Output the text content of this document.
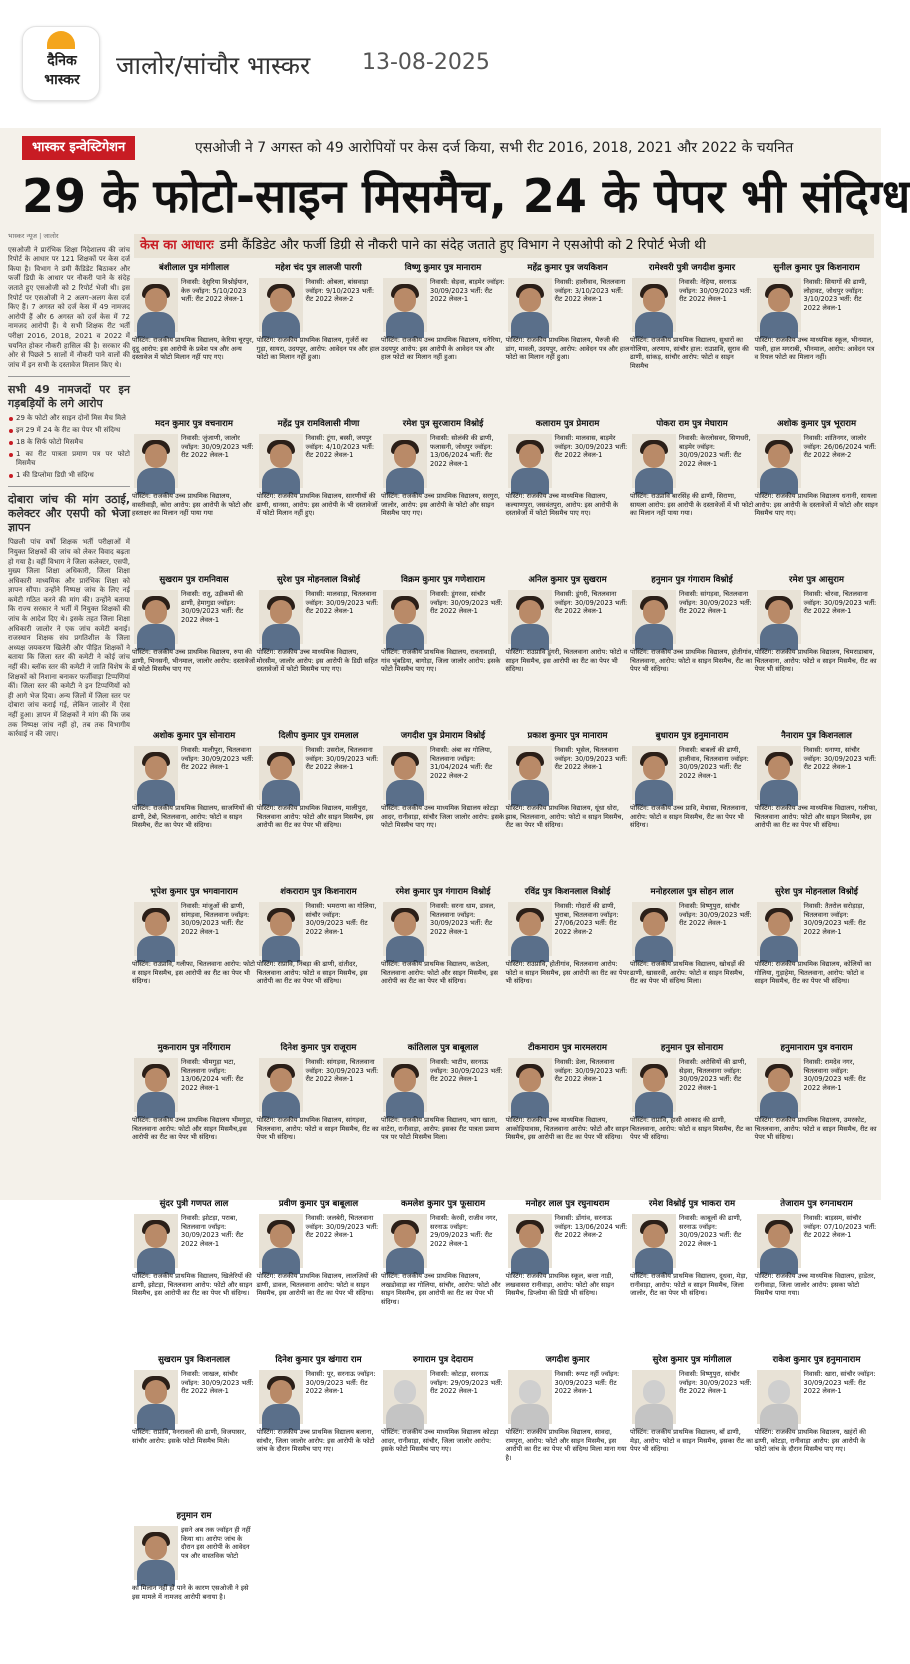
दैनिक
भास्कर	जालोर/सांचौर भास्कर 13-08-2025
भास्कर इन्वेस्टिगेशन	एसओजी ने 7 अगस्त को 49 आरोपियों पर केस दर्ज किया, सभी रीट 2016, 2018, 2021 और 2022 के चयनित
29 के फोटो-साइन मिसमैच, 24 के पेपर भी संदिग्ध
भास्कर न्यूज | जालोर
एसओजी ने प्रारंभिक शिक्षा निदेशालय की जांच रिपोर्ट के आधार पर 121 शिक्षकों पर केस दर्ज किया है। विभाग ने डमी कैंडिडेट बिठाकर और फर्जी डिग्री के आधार पर नौकरी पाने के संदेह जताते हुए एसओजी को 2 रिपोर्ट भेजी थी। इस रिपोर्ट पर एसओजी ने 2 अलग-अलग केस दर्ज किए हैं। 7 अगस्त को दर्ज केस में 49 नामजद आरोपी हैं और 6 अगस्त को दर्ज केस में 72 नामजद आरोपी हैं। ये सभी शिक्षक रीट भर्ती परीक्षा 2016, 2018, 2021 व 2022 में चयनित होकर नौकरी हासिल की है। सरकार की ओर से पिछले 5 सालों में नौकरी पाने वालों की जांच में इन सभी के दस्तावेज मिलान किए थे।
सभी 49 नामजदों पर इन गड़बड़ियों के लगे आरोप
29 के फोटो और साइन दोनों मिस मैच मिले
इन 29 में 24 के रीट का पेपर भी संदिग्ध
18 के सिर्फ फोटो मिसमैच
1 का रीट पात्रता प्रमाण पत्र पर फोटो मिसमैच
1 की डिप्लोमा डिग्री भी संदिग्ध
दोबारा जांच की मांग उठाई, कलेक्टर और एसपी को भेजा ज्ञापन
पिछली पांच वर्षों शिक्षक भर्ती परीक्षाओं में नियुक्त शिक्षकों की जांच को लेकर विवाद बढ़ता हो गया है। वहीं विभाग ने जिला कलेक्टर, एसपी, मुख्य जिला शिक्षा अधिकारी, जिला शिक्षा अधिकारी माध्यमिक और प्रारंभिक शिक्षा को ज्ञापन सौंपा। उन्होंने निष्पक्ष जांच के लिए नई कमेटी गठित करने की मांग की। उन्होंने बताया कि राज्य सरकार ने भर्ती में नियुक्त शिक्षकों की जांच के आदेश दिए थे। इसके तहत जिला शिक्षा अधिकारी जालोर ने एक जांच कमेटी बनाई। राजस्थान शिक्षक संघ प्रगतिशील के जिला अध्यक्ष जयकरण खिलेरी और पीड़ित शिक्षकों ने बताया कि जिला स्तर की कमेटी ने कोई जांच नहीं की। ब्लॉक स्तर की कमेटी ने जाति विशेष के शिक्षकों को निशाना बनाकर फर्जीवाड़ा टिप्पणियां कीं। जिला स्तर की कमेटी ने इन टिप्पणियों को ही आगे भेज दिया। अन्य जिलों में जिला स्तर पर दोबारा जांच कराई गई, लेकिन जालोर में ऐसा नहीं हुआ। ज्ञापन में शिक्षकों ने मांग की कि जब तक निष्पक्ष जांच नहीं हो, तब तक विभागीय कार्रवाई न की जाए।
केस का आधारः डमी कैंडिडेट और फर्जी डिग्री से नौकरी पाने का संदेह जताते हुए विभाग ने एसओपी को 2 रिपोर्ट भेजी थी
बंशीलाल पुत्र मांगीलाल
निवासी: देसुरिया विश्नोईयान, केरु ज्वॉइन: 5/10/2023 भर्ती: रीट 2022 लेवल-1
पोस्टिंग: राजकीय प्राथमिक विद्यालय, केरिया चूरपुर, दूदू आरोप: इस आरोपी के प्रवेश पत्र और अन्य दस्तावेज में फोटो मिलान नहीं पाए गए।
महेश चंद पुत्र लालजी पारगी
निवासी: ओबला, बांसवाड़ा ज्वॉइन: 9/10/2023 भर्ती: रीट 2022 लेवल-2
पोस्टिंग: राजकीय प्राथमिक विद्यालय, गुर्जरों का गुड़ा, सायरा, उदयपुर, आरोप: आवेदन पत्र और हाल फोटो का मिलान नहीं हुआ।
विष्णु कुमार पुत्र मानाराम
निवासी: सेड़वा, बाड़मेर ज्वॉइन: 30/09/2023 भर्ती: रीट 2022 लेवल-1
पोस्टिंग: राजकीय उच्च प्राथमिक विद्यालय, धनेरिया, उदयपुर आरोप: इस आरोपी के आवेदन पत्र और हाल फोटो का मिलान नहीं हुआ।
महेंद्र कुमार पुत्र जयकिशन
निवासी: हालीवाव, चितलवाना ज्वॉइन: 3/10/2023 भर्ती: रीट 2022 लेवल-1
पोस्टिंग: राजकीय प्राथमिक विद्यालय, भैरुजी की डांग, मावली, उदयपुर, आरोप: आवेदन पत्र और हाल फोटो का मिलान नहीं हुआ।
रामेश्वरी पुत्री जगदीश कुमार
निवासी: नेहिया, सरनाऊ ज्वॉइन: 30/09/2023 भर्ती: रीट 2022 लेवल-1
पोस्टिंग: राजकीय प्राथमिक विद्यालय, सुथारों का गोलिया, अरणाय, सांचौर हाल: राउप्रावि, सुराव की ढाणी, सांकड़, सांचौर आरोप: फोटो व साइन मिसमैच
सुनील कुमार पुत्र किशनाराम
निवासी: सियागों की ढाणी, लोहावट, जोधपुर ज्वॉइन: 3/10/2023 भर्ती: रीट 2022 लेवल-1
पोस्टिंग: राजकीय उच्च माध्यमिक स्कूल, भीनमाल, पाली, हाल मगराबी, भीनमाल, आरोप: आवेदन पत्र व रियल फोटो का मिलान नहीं।
मदन कुमार पुत्र वचनाराम
निवासी: जुंजाणी, जालोर ज्वॉइन: 30/09/2023 भर्ती: रीट 2022 लेवल-1
पोस्टिंग: राजकीय उच्च प्राथमिक विद्यालय, वास्तीवाड़ी, कोरा आरोप: इस आरोपी के फोटो और हस्ताक्षर का मिलान नहीं पाया गया
महेंद्र पुत्र रामविलासी मीणा
निवासी: टूंगा, बस्सी, जयपुर ज्वॉइन: 4/10/2023 भर्ती: रीट 2022 लेवल-1
पोस्टिंग: राजकीय प्राथमिक विद्यालय, सारणीयों की ढाणी, धानसा, आरोप: इस आरोपी के भी दस्तावेजों में फोटो मिलान नहीं हुए।
रमेश पुत्र सुरजाराम विश्नोई
निवासी: सोलंकी की ढाणी, फलासनी, जोधपुर ज्वॉइन: 13/06/2024 भर्ती: रीट 2022 लेवल-1
पोस्टिंग: राजकीय उच्च प्राथमिक विद्यालय, सरगुरा, जालोर, आरोप: इस आरोपी के फोटो और साइन मिसमैच पाए गए।
कलाराम पुत्र प्रेमाराम
निवासी: मालवास, बाड़मेर ज्वॉइन: 30/09/2023 भर्ती: रीट 2022 लेवल-1
पोस्टिंग: राजकीय उच्च माध्यमिक विद्यालय, कल्याणपुरा, जसवंतपुरा, आरोप: इस आरोपी के दस्तावेजों में फोटो मिसमैच पाए गए।
पोकरा राम पुत्र मेघाराम
निवासी: केरलोसवर, सिणधरी, बाड़मेर ज्वॉइन: 30/09/2023 भर्ती: रीट 2022 लेवल-1
पोस्टिंग: राउप्रावि बारसिंह की ढाणी, सिराणा, सायला आरोप: इस आरोपी के दस्तावेजों में भी फोटो का मिलान नहीं पाया गया।
अशोक कुमार पुत्र भूराराम
निवासी: शांतिनगर, जालोर ज्वॉइन: 26/06/2024 भर्ती: रीट 2022 लेवल-2
पोस्टिंग: राजकीय प्राथमिक विद्यालय धनानी, सायला आरोप: इस आरोपी के दस्तावेजों में फोटो और साइन मिसमैच पाए गए।
सुखराम पुत्र रामनिवास
निवासी: रातू, उड़ीकमों की ढाणी, हेमागुडा ज्वॉइन: 30/09/2023 भर्ती: रीट 2022 लेवल-1
पोस्टिंग: राजकीय उच्च प्राथमिक विद्यालय, रुपा की ढाणी, भिनसनी, भीनमाल, जालोर आरोप: दस्तावेजों में फोटो मिसमैच पाए गए
सुरेश पुत्र मोहनलाल विश्नोई
निवासी: मालवाड़ा, चितलवाना ज्वॉइन: 30/09/2023 भर्ती: रीट 2022 लेवल-1
पोस्टिंग: राजकीय उच्च माध्यमिक विद्यालय, मोरसीम, जालोर आरोप: इस आरोपी के डिग्री सहित दस्तावेजों में फोटो मिसमैच पाए गए।
विक्रम कुमार पुत्र गणेशाराम
निवासी: डूंगरवा, सांचौर ज्वॉइन: 30/09/2023 भर्ती: रीट 2022 लेवल-1
पोस्टिंग: राजकीय प्राथमिक विद्यालय, रावतावाड़ी, गांव भुंबडिया, बागोड़ा, जिला जालोर आरोप: इसके फोटो मिसमैच पाए गए।
अनिल कुमार पुत्र सुखराम
निवासी: डूंगरी, चितलवाना ज्वॉइन: 30/09/2023 भर्ती: रीट 2022 लेवल-1
पोस्टिंग: राउप्रावि डूंगरी, चितलवाना आरोप: फोटो व साइन मिसमैच, इस आरोपी का रीट का पेपर भी संदिग्ध।
हनुमान पुत्र गंगाराम विश्नोई
निवासी: सांगड़वा, चितलवाना ज्वॉइन: 30/09/2023 भर्ती: रीट 2022 लेवल-1
पोस्टिंग: राजकीय उच्च प्राथमिक विद्यालय, होतीगांव, चितलवाना, आरोप: फोटो व साइन मिसमैच, रीट का पेपर भी संदिग्ध।
रमेश पुत्र आसुराम
निवासी: चोरवा, चितलवाना ज्वॉइन: 30/09/2023 भर्ती: रीट 2022 लेवल-1
पोस्टिंग: राजकीय प्राथमिक विद्यालय, चिमराडाबाय, चितलवाना, आरोप: फोटो व साइन मिसमैच, रीट का पेपर भी संदिग्ध।
अशोक कुमार पुत्र सोनाराम
निवासी: मालीपुरा, चितलवाना ज्वॉइन: 30/09/2023 भर्ती: रीट 2022 लेवल-1
पोस्टिंग: राजकीय प्राथमिक विद्यालय, साजणियों की ढाणी, टेबो, चितलवाना, आरोप: फोटो व साइन मिसमैच, रीट का पेपर भी संदिग्ध।
दिलीप कुमार पुत्र रामलाल
निवासी: उसरोल, चितलवाना ज्वॉइन: 30/09/2023 भर्ती: रीट 2022 लेवल-1
पोस्टिंग: राजकीय प्राथमिक विद्यालय, मालीपुरा, चितलवाना आरोप: फोटो और साइन मिसमैच, इस आरोपी का रीट का पेपर भी संदिग्ध।
जगदीश पुत्र प्रेमाराम विश्नोई
निवासी: अंबा का गोलिया, चितलवाना ज्वॉइन: 31/04/2024 भर्ती: रीट 2022 लेवल-2
पोस्टिंग: राजकीय उच्च माध्यमिक विद्यालय कोटड़ा आदर, रानीवाड़ा, सांचौर जिला जालोर आरोप: इसके फोटो मिसमैच पाए गए।
प्रकाश कुमार पुत्र मानाराम
निवासी: भूसेल, चितलवाना ज्वॉइन: 30/09/2023 भर्ती: रीट 2022 लेवल-1
पोस्टिंग: राजकीय प्राथमिक विद्यालय, धूंधा धोरा, झाब, चितलवाना, आरोप: फोटो व साइन मिसमैच, रीट का पेपर भी संदिग्ध।
बुधाराम पुत्र हनुमानाराम
निवासी: बाबलों की ढाणी, हालीवाव, चितलवाना ज्वॉइन: 30/09/2023 भर्ती: रीट 2022 लेवल-1
पोस्टिंग: राजकीय उच्च प्रावि, मेथासा, चितलवाना, आरोप: फोटो व साइन मिसमैच, रीट का पेपर भी संदिग्ध।
नैनाराम पुत्र किशनलाल
निवासी: धनाणा, सांचौर ज्वॉइन: 30/09/2023 भर्ती: रीट 2022 लेवल-1
पोस्टिंग: राजकीय उच्च माध्यमिक विद्यालय, गलीफा, चितलवाना आरोप: फोटो और साइन मिसमैच, इस आरोपी का रीट का पेपर भी संदिग्ध।
भूपेश कुमार पुत्र भगवानाराम
निवासी: मांजुओं की ढाणी, सांगड़वा, चितलवाना ज्वॉइन: 30/09/2023 भर्ती: रीट 2022 लेवल-1
पोस्टिंग: राउप्रावि, गलीफा, चितलवाना आरोप: फोटो व साइन मिसमैच, इस आरोपी का रीट का पेपर भी संदिग्ध।
शंकराराम पुत्र किशनाराम
निवासी: भमराणा का गोलिया, सांचौर ज्वॉइन: 30/09/2023 भर्ती: रीट 2022 लेवल-1
पोस्टिंग: राप्रावि, निंबड़ा की ढाणी, दांतीदर, चितलवाना आरोप: फोटो व साइन मिसमैच, इस आरोपी का रीट का पेपर भी संदिग्ध।
रमेश कुमार पुत्र गंगाराम विश्नोई
निवासी: सरना धाम, डावल, चितलवाना ज्वॉइन: 30/09/2023 भर्ती: रीट 2022 लेवल-1
पोस्टिंग: राजकीय प्राथमिक विद्यालय, काठेला, चितलवाना आरोप: फोटो और साइन मिसमैच, इस आरोपी का रीट का पेपर भी संदिग्ध।
रविंद्र पुत्र किशनलाल विश्नोई
निवासी: गोदारों की ढाणी, भुराबा, चितलवाना ज्वॉइन: 27/06/2023 भर्ती: रीट 2022 लेवल-2
पोस्टिंग: राउप्रावि, होतीगांव, चितलवाना आरोप: फोटो व साइन मिसमैच, इस आरोपी का रीट का पेपर भी संदिग्ध।
मनोहरलाल पुत्र सोहन लाल
निवासी: विष्णुपुरा, सांचौर ज्वॉइन: 30/09/2023 भर्ती: रीट 2022 लेवल-1
पोस्टिंग: राजकीय प्राथमिक विद्यालय, खोथड़ों की ढाणी, खासरवी, आरोप: फोटो व साइन मिसमैच, रीट का पेपर भी संदिग्ध मिला।
सुरेश पुत्र मोहनलाल विश्नोई
निवासी: तैतरोल सरोड़ाड़ा, चितलवाना ज्वॉइन: 30/09/2023 भर्ती: रीट 2022 लेवल-1
पोस्टिंग: राजकीय प्राथमिक विद्यालय, कोलियों का गोलिया, गुड़ाहेमा, चितलवाना, आरोप: फोटो व साइन मिसमैच, रीट का पेपर भी संदिग्ध।
मुकनाराम पुत्र नरिंगाराम
निवासी: भीमगुड़ा भटा, चितलवाना ज्वॉइन: 13/06/2024 भर्ती: रीट 2022 लेवल-1
पोस्टिंग: राजकीय उच्च प्राथमिक विद्यालय भीमगुड़ा, चितलवाना आरोप: फोटो और साइन मिसमैच,इस आरोपी का रीट का पेपर भी संदिग्ध।
दिनेश कुमार पुत्र राजूराम
निवासी: सांगड़वा, चितलवाना ज्वॉइन: 30/09/2023 भर्ती: रीट 2022 लेवल-1
पोस्टिंग: राजकीय प्राथमिक विद्यालय, सांगड़वा, चितलवाना, आरोप: फोटो व साइन मिसमैच, रीट का पेपर भी संदिग्ध।
कांतिलाल पुत्र बाबूलाल
निवासी: भाटीप, सरनाऊ ज्वॉइन: 30/09/2023 भर्ती: रीट 2022 लेवल-1
पोस्टिंग: राजकीय प्राथमिक विद्यालय, भाग खाता, वाटेरा, रानीवाड़ा, आरोप: इसका रीट पात्रता प्रमाण पत्र पर फोटो मिसमैच मिला।
टीकमाराम पुत्र मारमलराम
निवासी: डेला, चितलवाना ज्वॉइन: 30/09/2023 भर्ती: रीट 2022 लेवल-1
पोस्टिंग: राजकीय उच्च माध्यमिक विद्यालय, आकोड़ियावास, चितलवाना आरोप: फोटो और साइन मिसमैच, इस आरोपी का रीट का पेपर भी संदिग्ध।
हनुमान पुत्र सोनाराम
निवासी: अरोसियों की ढाणी, सेड़वा, चितलवाना ज्वॉइन: 30/09/2023 भर्ती: रीट 2022 लेवल-1
पोस्टिंग: राप्रावि, हासी आकाद की ढाणी, चितलवाना, आरोप: फोटो व साइन मिसमैच, रीट का पेपर भी संदिग्ध।
हनुमानाराम पुत्र वनाराम
निवासी: रामदेव नगर, चितलवाना ज्वॉइन: 30/09/2023 भर्ती: रीट 2022 लेवल-1
पोस्टिंग: राजकीय प्राथमिक विद्यालय, उमरकोट, चितलवाना, आरोप: फोटो व साइन मिसमैच, रीट का पेपर भी संदिग्ध।
सुंदर पुत्री गणपत लाल
निवासी: झोटड़ा, पराबा, चितलवाना ज्वॉइन: 30/09/2023 भर्ती: रीट 2022 लेवल-1
पोस्टिंग: राजकीय प्राथमिक विद्यालय, खिलेरियों की ढाणी, झोटड़ा, चितलवाना आरोप: फोटो और साइन मिसमैच, इस आरोपी का रीट का पेपर भी संदिग्ध।
प्रवीण कुमार पुत्र बाबूलाल
निवासी: जलबेरी, चितलवाना ज्वॉइन: 30/09/2023 भर्ती: रीट 2022 लेवल-1
पोस्टिंग: राजकीय प्राथमिक विद्यालय, लालजियों की ढाणी, डावल, चितलवाना आरोप: फोटो व साइन मिसमैच, इस आरोपी का रीट का पेपर भी संदिग्ध।
कमलेश कुमार पुत्र फूसाराम
निवासी: केरवी, राजीव नगर, सरनाऊ ज्वॉइन: 29/09/2023 भर्ती: रीट 2022 लेवल-1
पोस्टिंग: राजकीय उच्च प्राथमिक विद्यालय, लखडोवाड़ा का गोलिया, सांचौर, आरोप: फोटो और साइन मिसमैच, इस आरोपी का रीट का पेपर भी संदिग्ध।
मनोहर लाल पुत्र रघुनाथराम
निवासी: डोंगांव, सरनाऊ ज्वॉइन: 13/06/2024 भर्ती: रीट 2022 लेवल-2
पोस्टिंग: राजकीय प्राथमिक स्कूल, बन्ता नाडी, लखवासरा रानीवाड़ा, आरोप: फोटो और साइन मिसमैच, डिप्लोमा की डिग्री भी संदिग्ध।
रमेश विश्नोई पुत्र भाकरा राम
निवासी: काबूलों की ढाणी, सरनाऊ ज्वॉइन: 30/09/2023 भर्ती: रीट 2022 लेवल-1
पोस्टिंग: राजकीय प्राथमिक विद्यालय, दूधवा, मेड़ा, रानीवाड़ा, आरोप: फोटो व साइन मिसमैच, जिला जालोर, रीट का पेपर भी संदिग्ध।
तेजाराम पुत्र रुगनाथराम
निवासी: बाड़सम, सांचौर ज्वॉइन: 07/10/2023 भर्ती: रीट 2022 लेवल-1
पोस्टिंग: राजकीय उच्च माध्यमिक विद्यालय, हाडेतर, रानीवाड़ा, जिला जालोर आरोप: इसका फोटो मिसमैच पाया गया।
सुखराम पुत्र किशनलाल
निवासी: जाखल, सांचौर ज्वॉइन: 30/09/2023 भर्ती: रीट 2022 लेवल-1
पोस्टिंग: राप्रावि, वनरावलों की ढाणी, विजयासर, सांचौर आरोप: इसके फोटो मिसमैच मिले।
दिनेश कुमार पुत्र खंगारा राम
निवासी: पूर, सरनाऊ ज्वॉइन: 30/09/2023 भर्ती: रीट 2022 लेवल-1
पोस्टिंग: राजकीय उच्च प्राथमिक विद्यालय बलाना, सांचौर, जिला जालोर आरोप: इस आरोपी के फोटो जांच के दौरान मिसमैच पाए गए।
रुगाराम पुत्र देदाराम
निवासी: कोटड़ा, सरनाऊ ज्वॉइन: 29/09/2023 भर्ती: रीट 2022 लेवल-1
पोस्टिंग: राजकीय उच्च माध्यमिक विद्यालय कोटड़ा आदर, रानीवाड़ा, सांचौर, जिला जालोर आरोप: इसके फोटो मिसमैच पाए गए।
जगदीश कुमार
निवासी: रूपट नहीं ज्वॉइन: 30/09/2023 भर्ती: रीट 2022 लेवल-1
पोस्टिंग: राजकीय प्राथमिक विद्यालय, सावदा, रामपुरा, आरोप: फोटो और साइन मिसमैच, इस आरोपी का रीट का पेपर भी संदिग्ध मिला माना गया है।
सुरेश कुमार पुत्र मांगीलाल
निवासी: विष्णुपुरा, सांचौर ज्वॉइन: 30/09/2023 भर्ती: रीट 2022 लेवल-1
पोस्टिंग: राजकीय प्राथमिक विद्यालय, बाँ ढाणी, मेड़ा, आरोप: फोटो व साइन मिसमैच, इसका रीट का पेपर भी संदिग्ध।
राकेश कुमार पुत्र हनुमानाराम
निवासी: खारा, सांचौर ज्वॉइन: 30/09/2023 भर्ती: रीट 2022 लेवल-1
पोस्टिंग: राजकीय प्राथमिक विद्यालय, खहंरों की ढाणी, कोटड़ा, रानीवाड़ा आरोप: इस आरोपी के फोटो जांच के दौरान मिसमैच पाए गए।
हनुमान राम
इसने अब तक ज्वॉइन ही नहीं किया था। आरोपः जांच के दौरान इस आरोपी के आवेदन पत्र और वास्तविक फोटो
का मिलान नहीं हो पाने के कारण एसओजी ने इसे इस मामले में नामजद आरोपी बनाया है।
